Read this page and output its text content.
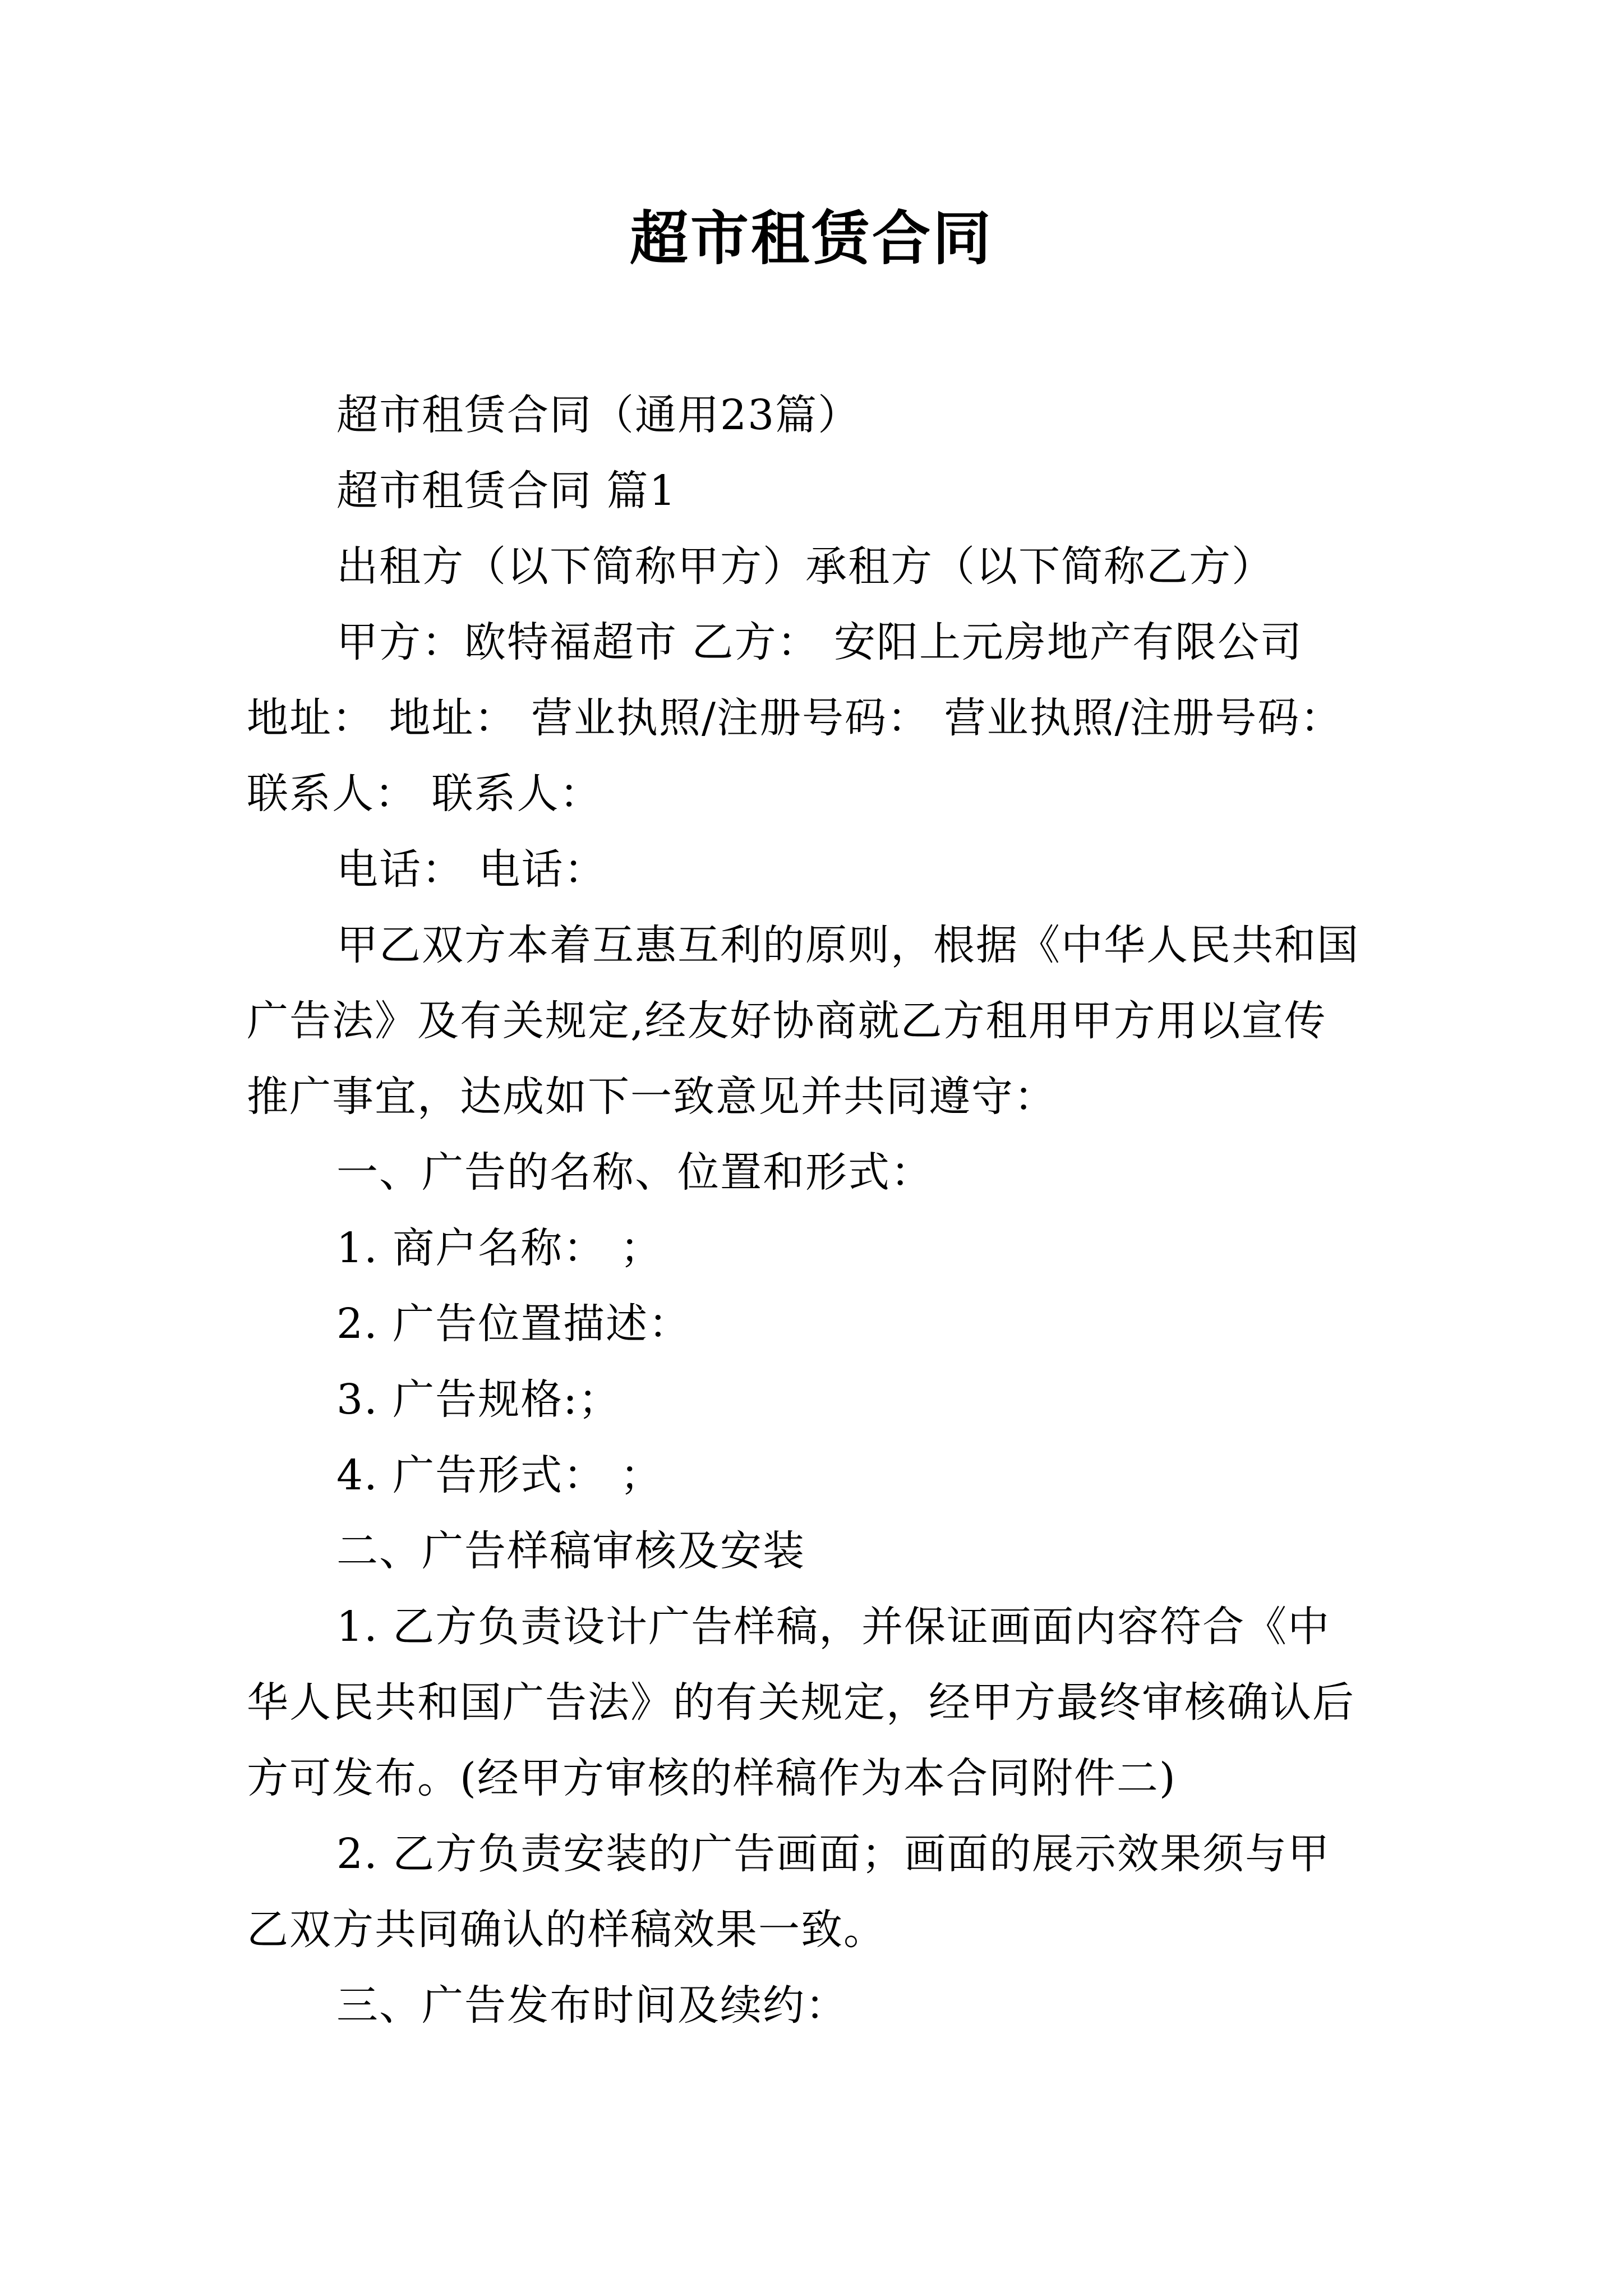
超市租赁合同
超市租赁合同（通用23篇）
超市租赁合同 篇1
出租方（以下简称甲方）承租方（以下简称乙方）
甲方：欧特福超市 乙方： 安阳上元房地产有限公司
地址： 地址： 营业执照/注册号码： 营业执照/注册号码：
联系人： 联系人：
电话： 电话：
甲乙双方本着互惠互利的原则，根据《中华人民共和国
广告法》及有关规定,经友好协商就乙方租用甲方用以宣传
推广事宜，达成如下一致意见并共同遵守：
一、广告的名称、位置和形式：
1. 商户名称： ；
2. 广告位置描述：
3. 广告规格:；
4. 广告形式： ；
二、广告样稿审核及安装
1. 乙方负责设计广告样稿，并保证画面内容符合《中
华人民共和国广告法》的有关规定，经甲方最终审核确认后
方可发布。(经甲方审核的样稿作为本合同附件二)
2. 乙方负责安装的广告画面；画面的展示效果须与甲
乙双方共同确认的样稿效果一致。
三、广告发布时间及续约：
